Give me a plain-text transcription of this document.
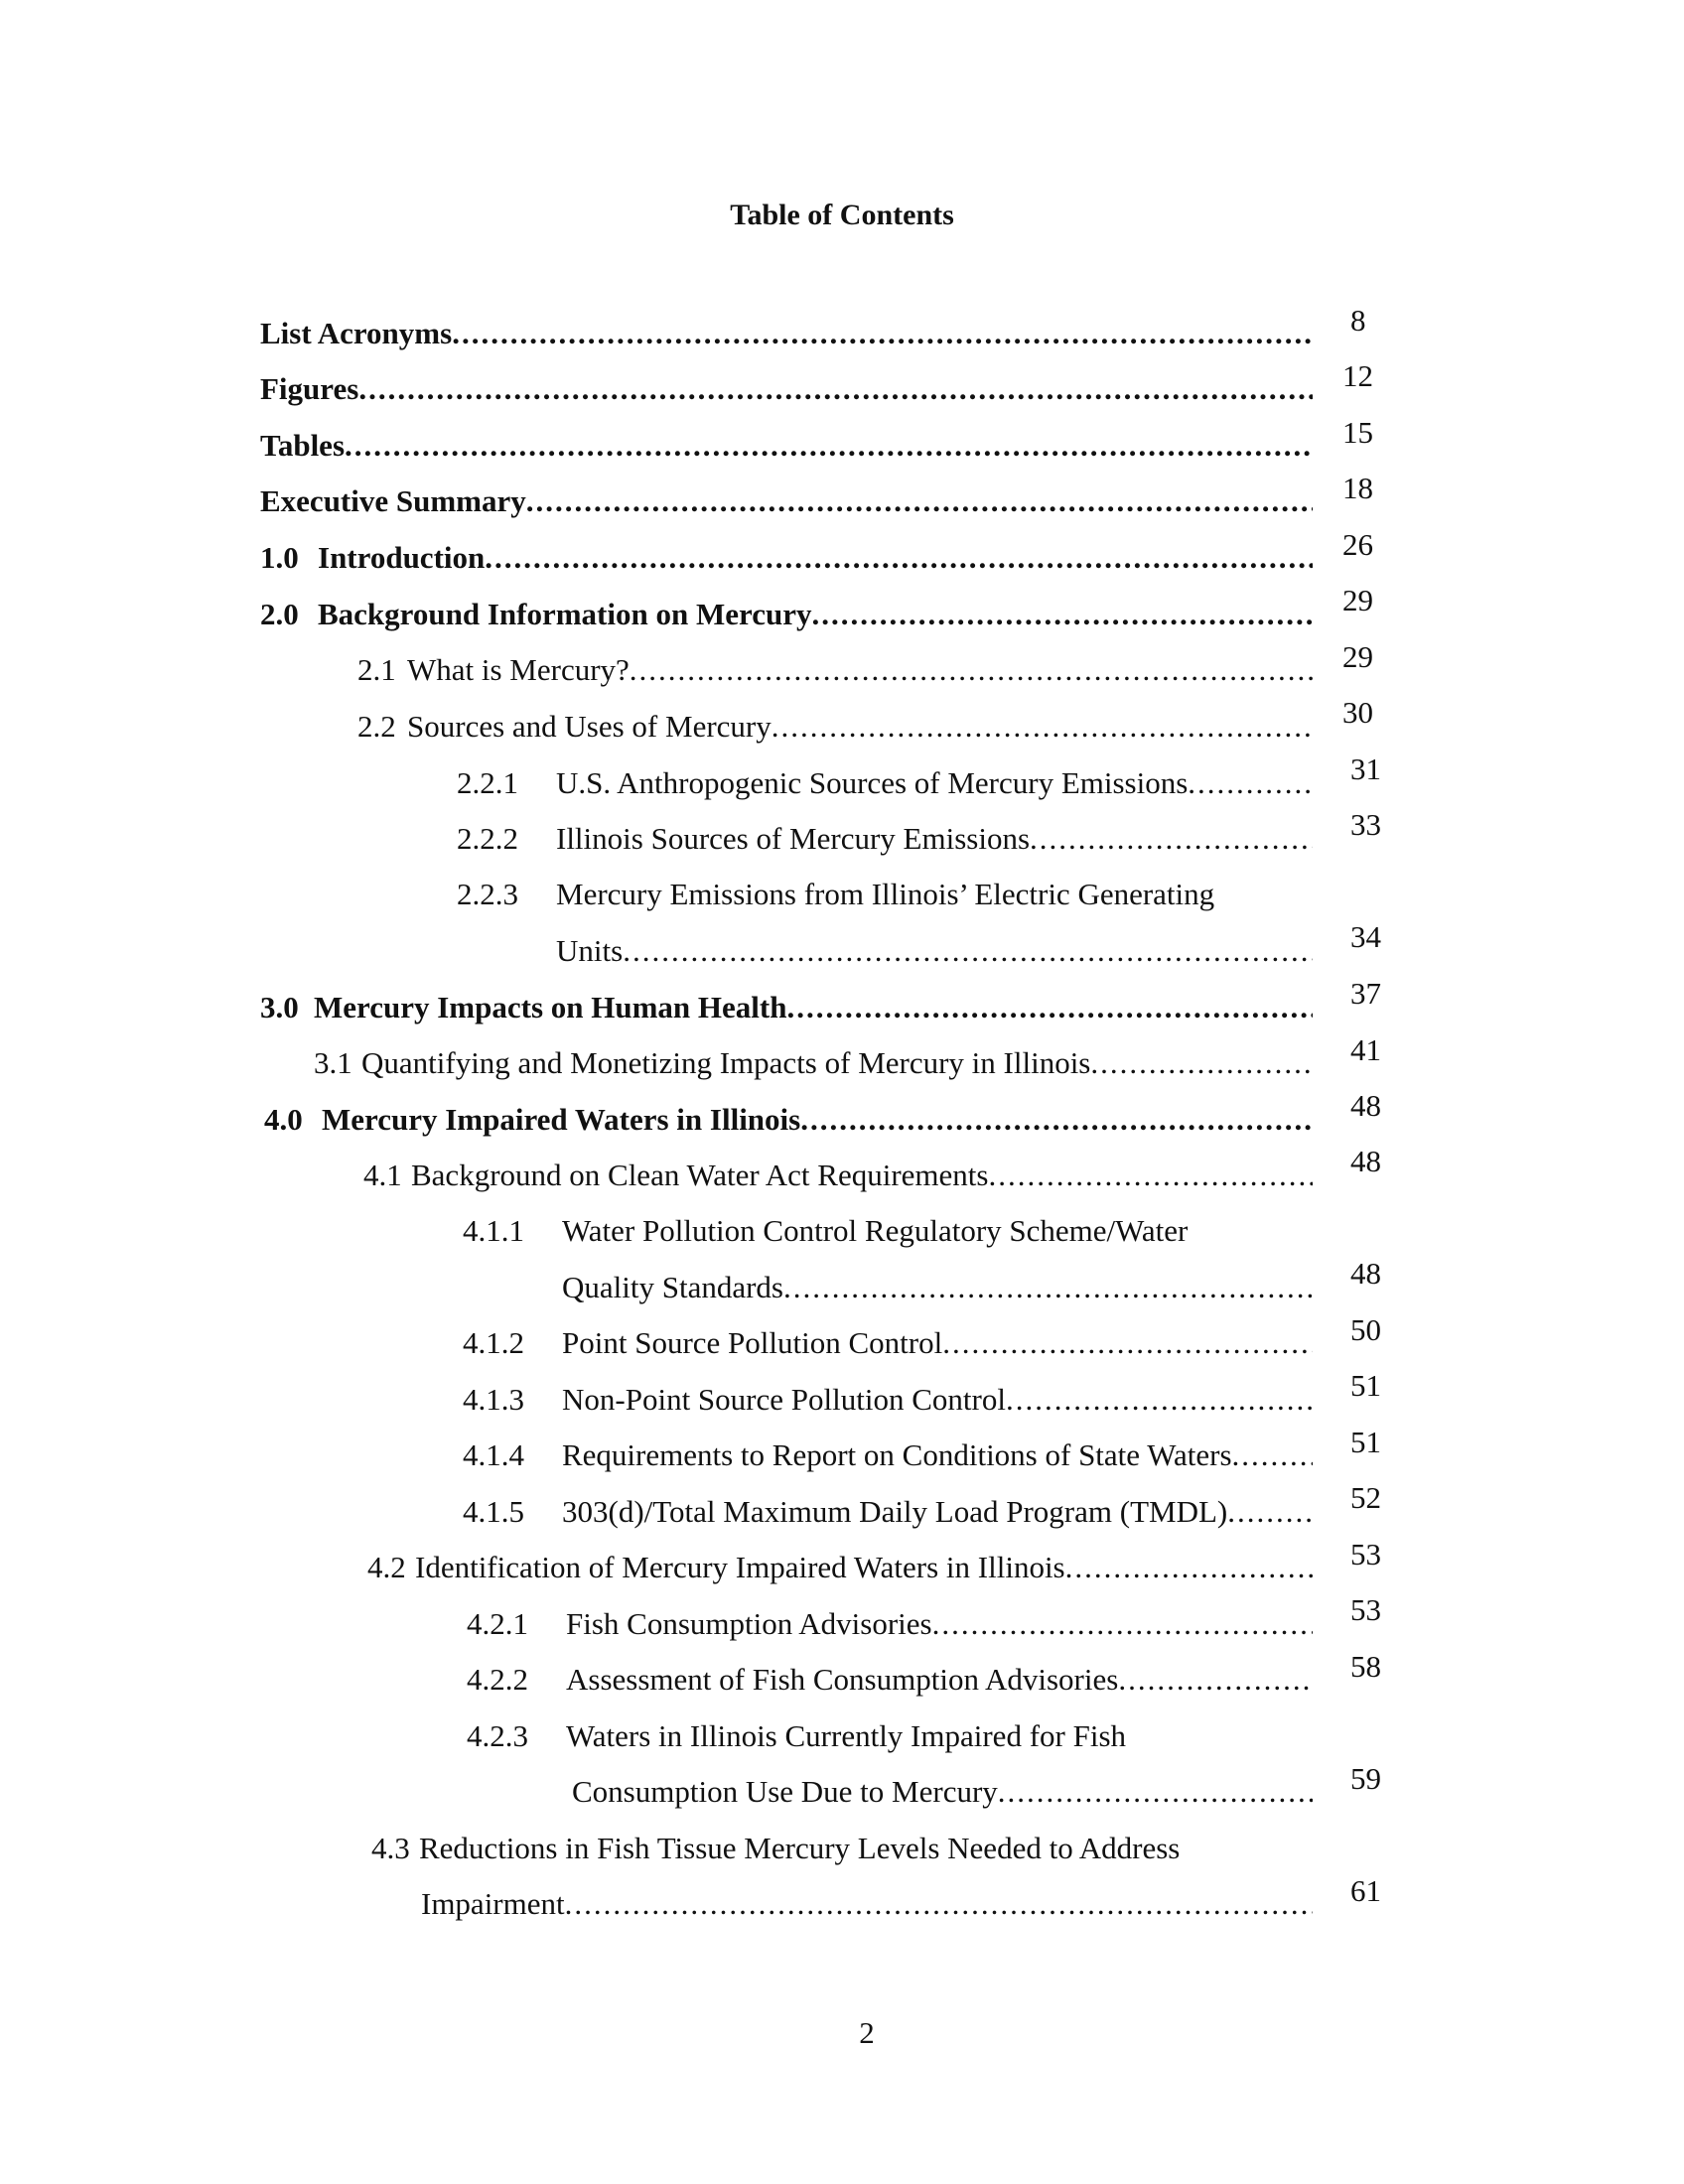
Table of Contents
List Acronyms .....	8
Figures .....	12
Tables .....	15
Executive Summary .....	18
1.0 Introduction .....	26
2.0 Background Information on Mercury .....	29
2.1 What is Mercury? .....	29
2.2 Sources and Uses of Mercury .....	30
2.2.1	U.S. Anthropogenic Sources of Mercury Emissions .....	31
2.2.2	Illinois Sources of Mercury Emissions .....	33
2.2.3	Mercury Emissions from Illinois’ Electric Generating
Units .....	34
3.0 Mercury Impacts on Human Health .....	37
3.1 Quantifying and Monetizing Impacts of Mercury in Illinois .....	41
4.0 Mercury Impaired Waters in Illinois .....	48
4.1 Background on Clean Water Act Requirements .....	48
4.1.1	Water Pollution Control Regulatory Scheme/Water
Quality Standards .....	48
4.1.2	Point Source Pollution Control .....	50
4.1.3	Non-Point Source Pollution Control .....	51
4.1.4	Requirements to Report on Conditions of State Waters .....	51
4.1.5	303(d)/Total Maximum Daily Load Program (TMDL) .....	52
4.2 Identification of Mercury Impaired Waters in Illinois .....	53
4.2.1	Fish Consumption Advisories .....	53
4.2.2	Assessment of Fish Consumption Advisories .....	58
4.2.3	Waters in Illinois Currently Impaired for Fish
Consumption Use Due to Mercury .....	59
4.3 Reductions in Fish Tissue Mercury Levels Needed to Address
Impairment .....	61
2
